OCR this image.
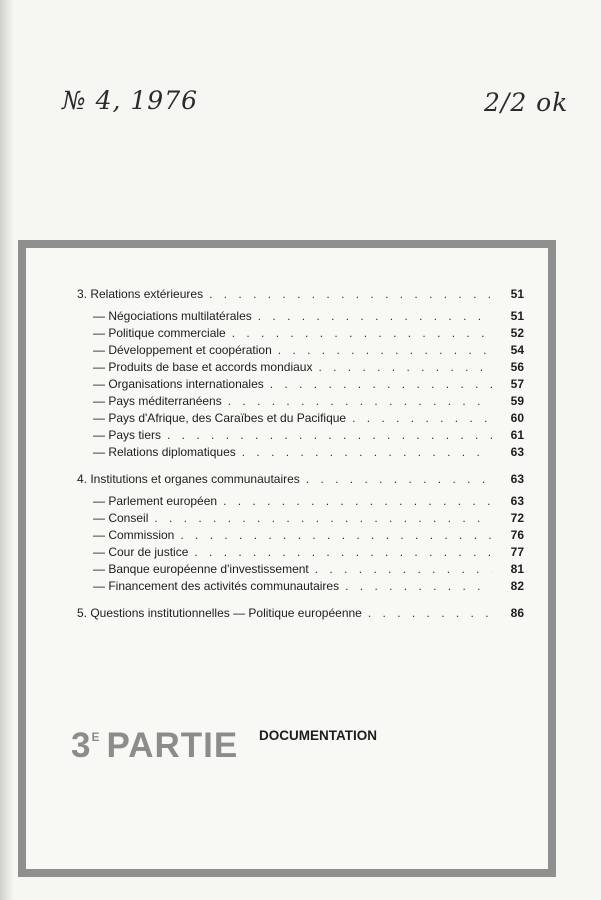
№ 4, 1976	2/2 ok
3. Relations extérieures . . .	51
— Négociations multilatérales . . .	51
— Politique commerciale . . .	52
— Développement et coopération . . .	54
— Produits de base et accords mondiaux . . .	56
— Organisations internationales . . .	57
— Pays méditerranéens . . .	59
— Pays d'Afrique, des Caraïbes et du Pacifique . . .	60
— Pays tiers . . .	61
— Relations diplomatiques . . .	63
4. Institutions et organes communautaires . . .	63
— Parlement européen . . .	63
— Conseil . . .	72
— Commission . . .	76
— Cour de justice . . .	77
— Banque européenne d'investissement . . .	81
— Financement des activités communautaires . . .	82
5. Questions institutionnelles — Politique européenne . . .	86
$3^E$ PARTIE DOCUMENTATION
